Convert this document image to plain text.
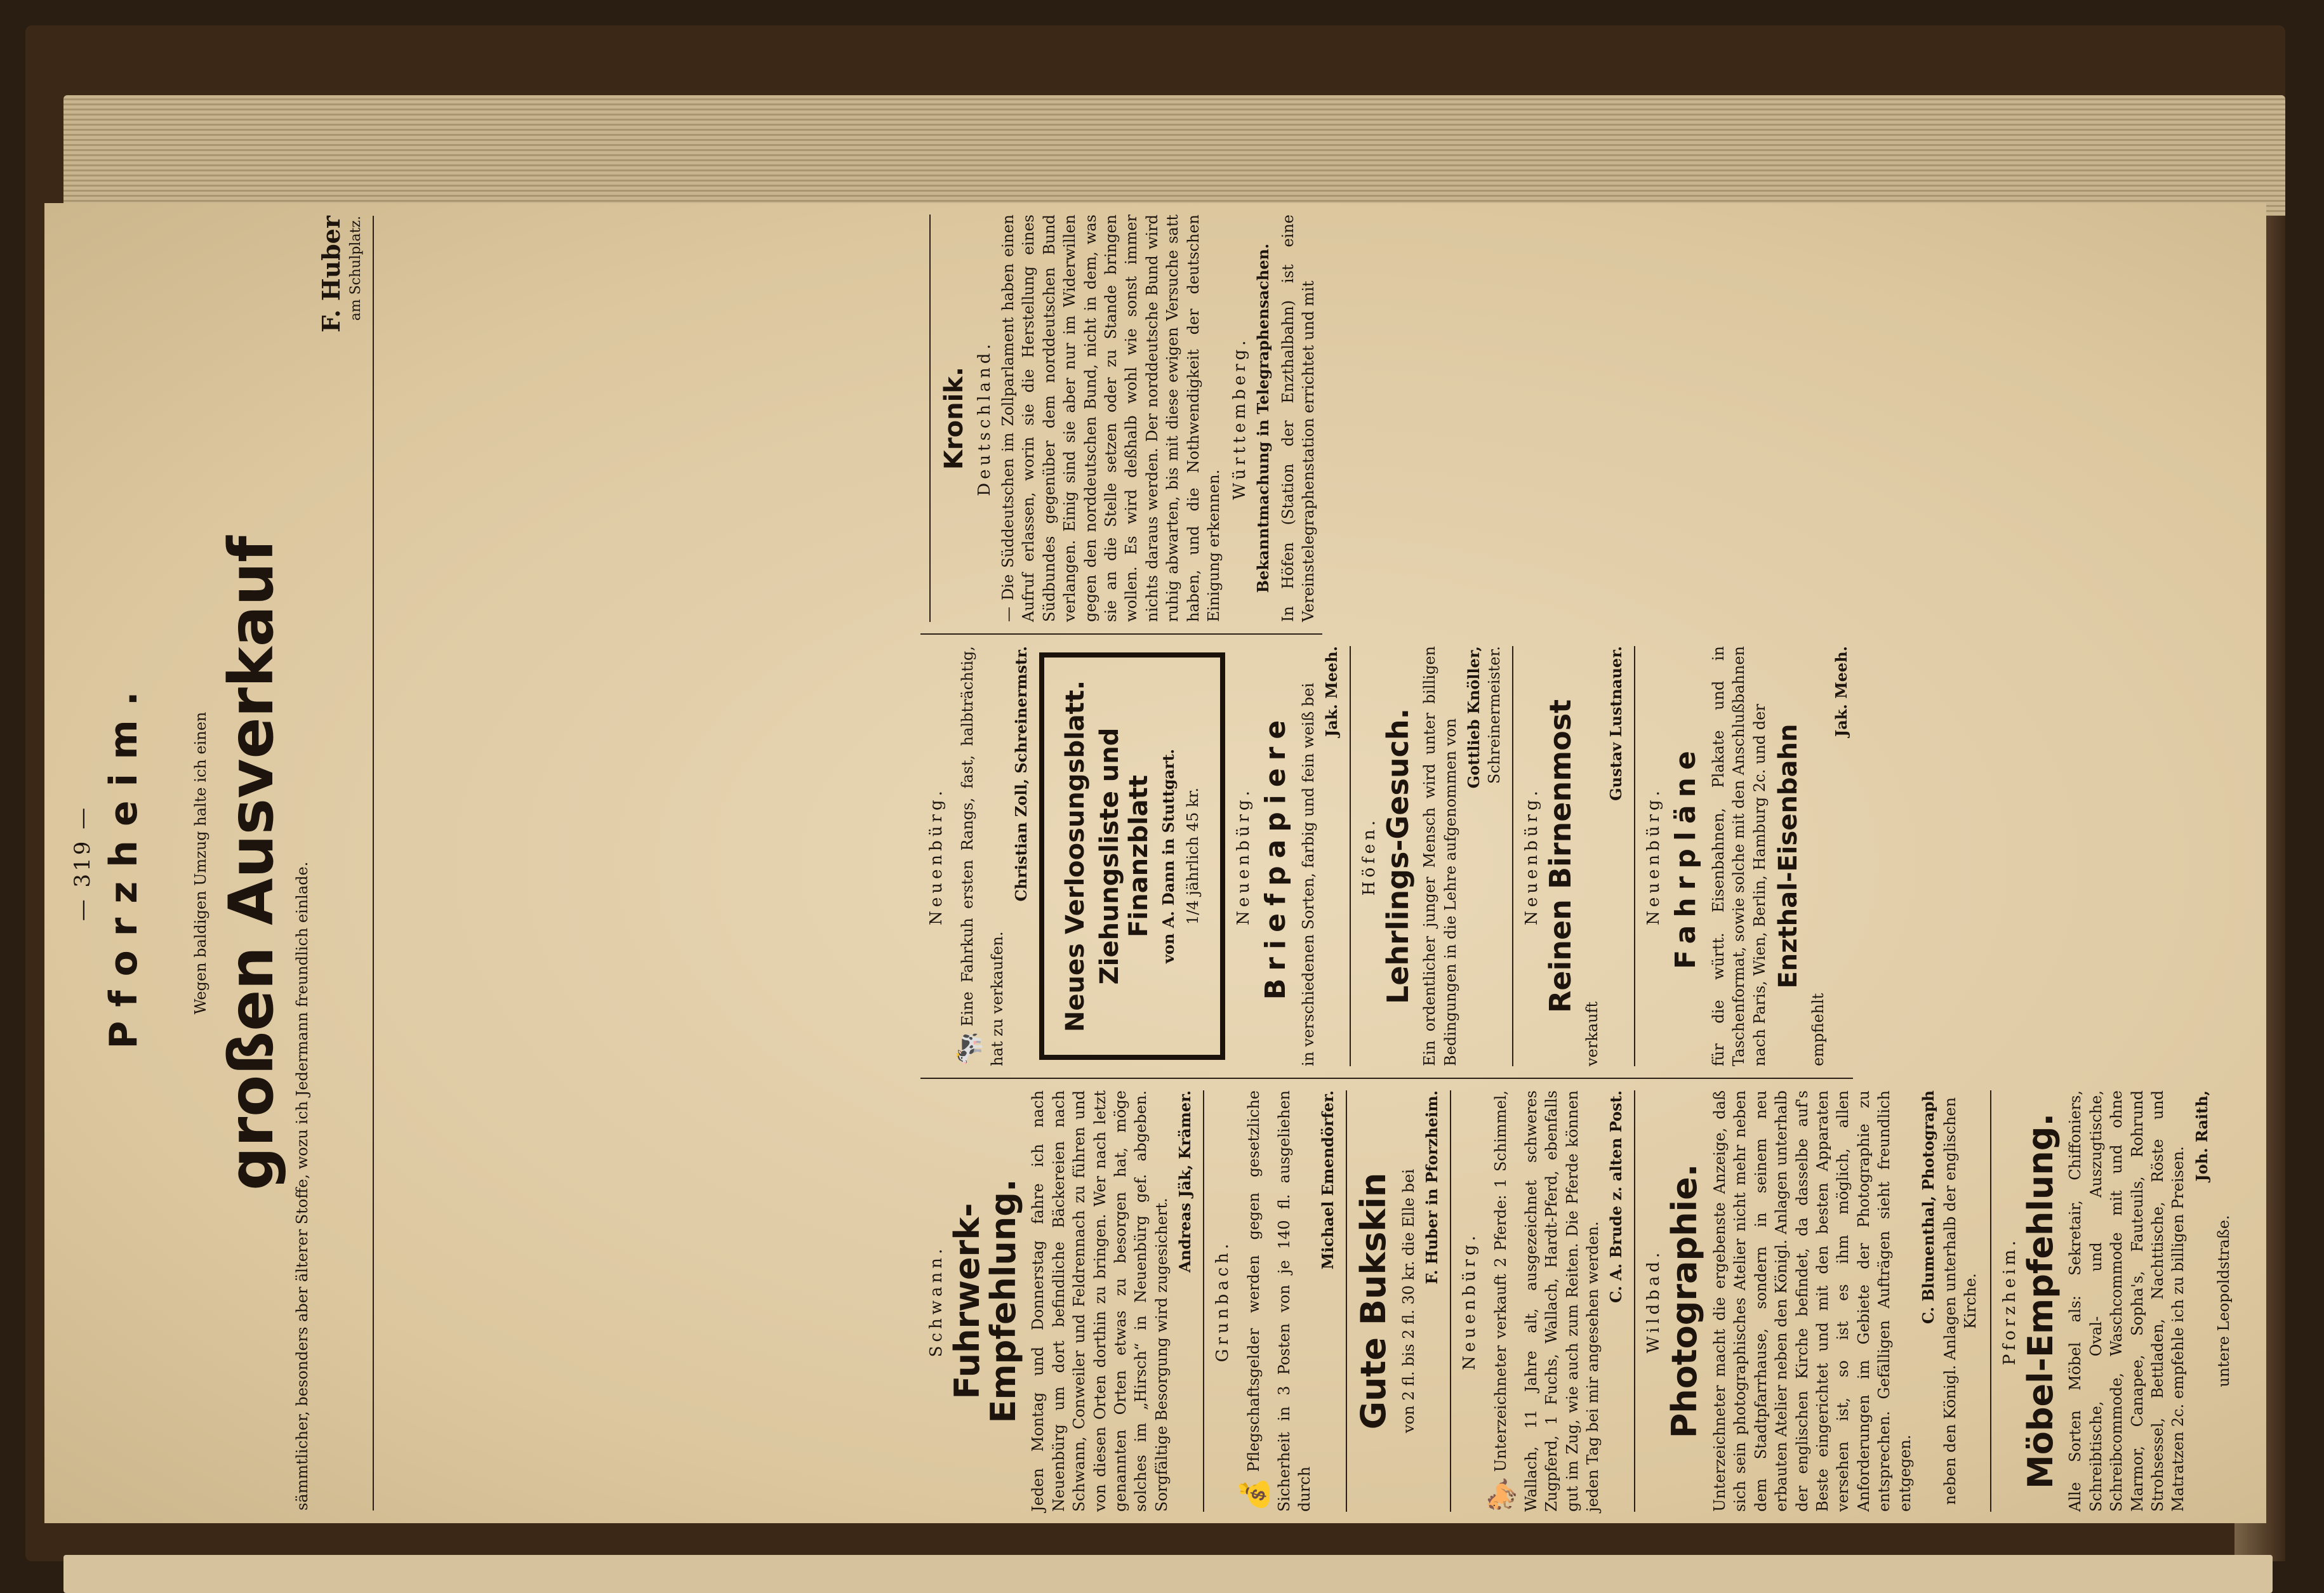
— 319 — Pforzheim.	Wegen baldigen Umzug halte ich einen großen Ausverkauf sämmtlicher, besonders aber älterer Stoffe, wozu ich Jedermann freundlich einlade.
F. Huber am Schulplatz.
Schwann. Fuhrwerk-Empfehlung. Jeden Montag und Donnerstag fahre ich nach Neuenbürg um dort befindliche Bäckereien nach Schwann, Conweiler und Feldrennach zu führen und von diesen Orten dorthin zu bringen. Wer nach letzt genannten Orten etwas zu besorgen hat, möge solches im „Hirsch“ in Neuenbürg gef. abgeben. Sorgfältige Besorgung wird zugesichert.
Andreas Jäk, Krämer.
Grunbach.
💰Pflegschaftsgelder werden gegen gesetzliche Sicherheit in 3 Posten von je 140 fl. ausgeliehen durch
Michael Emendörfer. Gute Bukskin von 2 fl. bis 2 fl. 30 kr. die Elle bei F. Huber in Pforzheim.
Neuenbürg.
🐎Unterzeichneter verkauft 2 Pferde: 1 Schimmel, Wallach, 11 Jahre alt, ausgezeichnet schweres Zugpferd, 1 Fuchs, Wallach, Hardt-Pferd, ebenfalls gut im Zug, wie auch zum Reiten. Die Pferde können jeden Tag bei mir angesehen werden.
C. A. Brude z. alten Post. Wildbad. Photographie. Unterzeichneter macht die ergebenste Anzeige, daß sich sein photographisches Atelier nicht mehr neben dem Stadtpfarrhause, sondern in seinem neu erbauten Atelier neben den Königl. Anlagen unterhalb der englischen Kirche befindet, da dasselbe auf's Beste eingerichtet und mit den besten Apparaten versehen ist, so ist es ihm möglich, allen Anforderungen im Gebiete der Photographie zu entsprechen. Gefälligen Aufträgen sieht freundlich entgegen.
C. Blumenthal, Photograph neben den Königl. Anlagen unterhalb der englischen Kirche. Pforzheim. Möbel-Empfehlung. Alle Sorten Möbel als: Sekretair, Chiffoniers, Schreibtische, Oval- und Auszugtische, Schreibcommode, Waschcommode mit und ohne Marmor, Canapee, Sopha's, Fauteuils, Rohrund Strohsessel, Bettladen, Nachttische, Röste und Matratzen 2c. empfehle ich zu billigen Preisen.
Joh. Raith,
untere Leopoldstraße.
Neuenbürg.
🐄Eine Fahrkuh ersten Rangs, fast, halbträchtig, hat zu verkaufen.
Christian Zoll, Schreinermstr. Neues Verloosungsblatt. Ziehungsliste und Finanzblatt von A. Dann in Stuttgart. 1/4 jährlich 45 kr. Neuenbürg. Briefpapiere in verschiedenen Sorten, farbig und fein weiß bei Jak. Meeh.
Höfen. Lehrlings-Gesuch. Ein ordentlicher junger Mensch wird unter billigen Bedingungen in die Lehre aufgenommen von
Gottlieb Knöller, Schreinermeister.
Neuenbürg. Reinen Birnenmost
verkauft
Gustav Lustnauer.
Neuenbürg. Fahrpläne für die württ. Eisenbahnen, Plakate und in Taschenformat, sowie solche mit den Anschlußbahnen nach Paris, Wien, Berlin, Hamburg 2c. und der Enzthal-Eisenbahn
empfiehlt
Jak. Meeh.
Kronik. Deutschland. — Die Süddeutschen im Zollparlament haben einen Aufruf erlassen, worin sie die Herstellung eines Südbundes gegenüber dem norddeutschen Bund verlangen. Einig sind sie aber nur im Widerwillen gegen den norddeutschen Bund, nicht in dem, was sie an die Stelle setzen oder zu Stande bringen wollen. Es wird deßhalb wohl wie sonst immer nichts daraus werden. Der norddeutsche Bund wird ruhig abwarten, bis mit diese ewigen Versuche satt haben, und die Nothwendigkeit der deutschen Einigung erkennen.
Württemberg. Bekanntmachung in Telegraphensachen. In Höfen (Station der Enzthalbahn) ist eine Vereinstelegraphenstation errichtet und mit
